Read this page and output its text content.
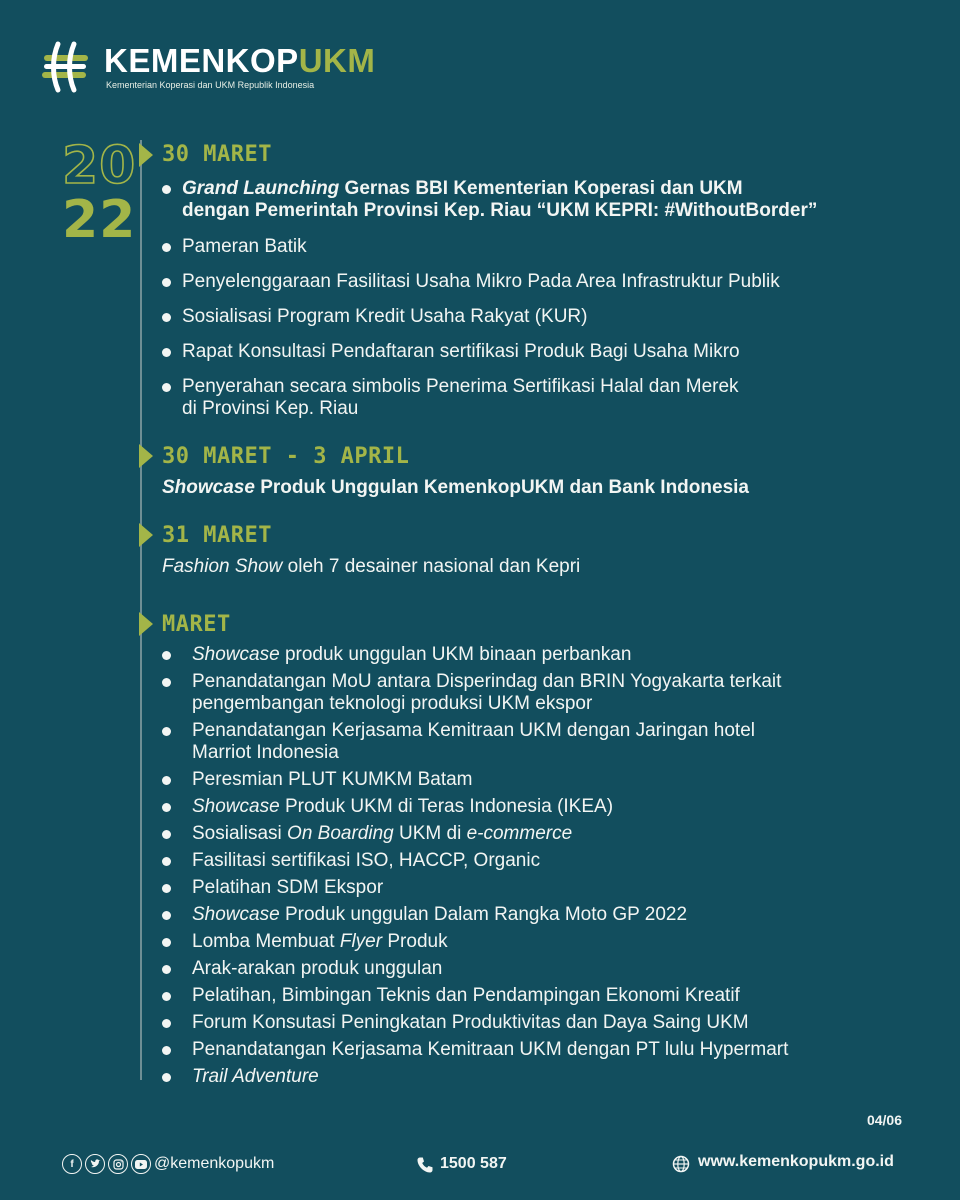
KEMENKOPUKM
Kementerian Koperasi dan UKM Republik Indonesia
20
22
30 MARET
Grand Launching Gernas BBI Kementerian Koperasi dan UKM
dengan Pemerintah Provinsi Kep. Riau “UKM KEPRI: #WithoutBorder”
Pameran Batik
Penyelenggaraan Fasilitasi Usaha Mikro Pada Area Infrastruktur Publik
Sosialisasi Program Kredit Usaha Rakyat (KUR)
Rapat Konsultasi Pendaftaran sertifikasi Produk Bagi Usaha Mikro
Penyerahan secara simbolis Penerima Sertifikasi Halal dan Merek
di Provinsi Kep. Riau
30 MARET - 3 APRIL
Showcase Produk Unggulan KemenkopUKM dan Bank Indonesia
31 MARET
Fashion Show oleh 7 desainer nasional dan Kepri
MARET
Showcase produk unggulan UKM binaan perbankan
Penandatangan MoU antara Disperindag dan BRIN Yogyakarta terkait
pengembangan teknologi produksi UKM ekspor
Penandatangan Kerjasama Kemitraan UKM dengan Jaringan hotel
Marriot Indonesia
Peresmian PLUT KUMKM Batam
Showcase Produk UKM di Teras Indonesia (IKEA)
Sosialisasi On Boarding UKM di e-commerce
Fasilitasi sertifikasi ISO, HACCP, Organic
Pelatihan SDM Ekspor
Showcase Produk unggulan Dalam Rangka Moto GP 2022
Lomba Membuat Flyer Produk
Arak-arakan produk unggulan
Pelatihan, Bimbingan Teknis dan Pendampingan Ekonomi Kreatif
Forum Konsutasi Peningkatan Produktivitas dan Daya Saing UKM
Penandatangan Kerjasama Kemitraan UKM dengan PT lulu Hypermart
Trail Adventure
04/06
f	@kemenkopukm	1500 587	www.kemenkopukm.go.id
